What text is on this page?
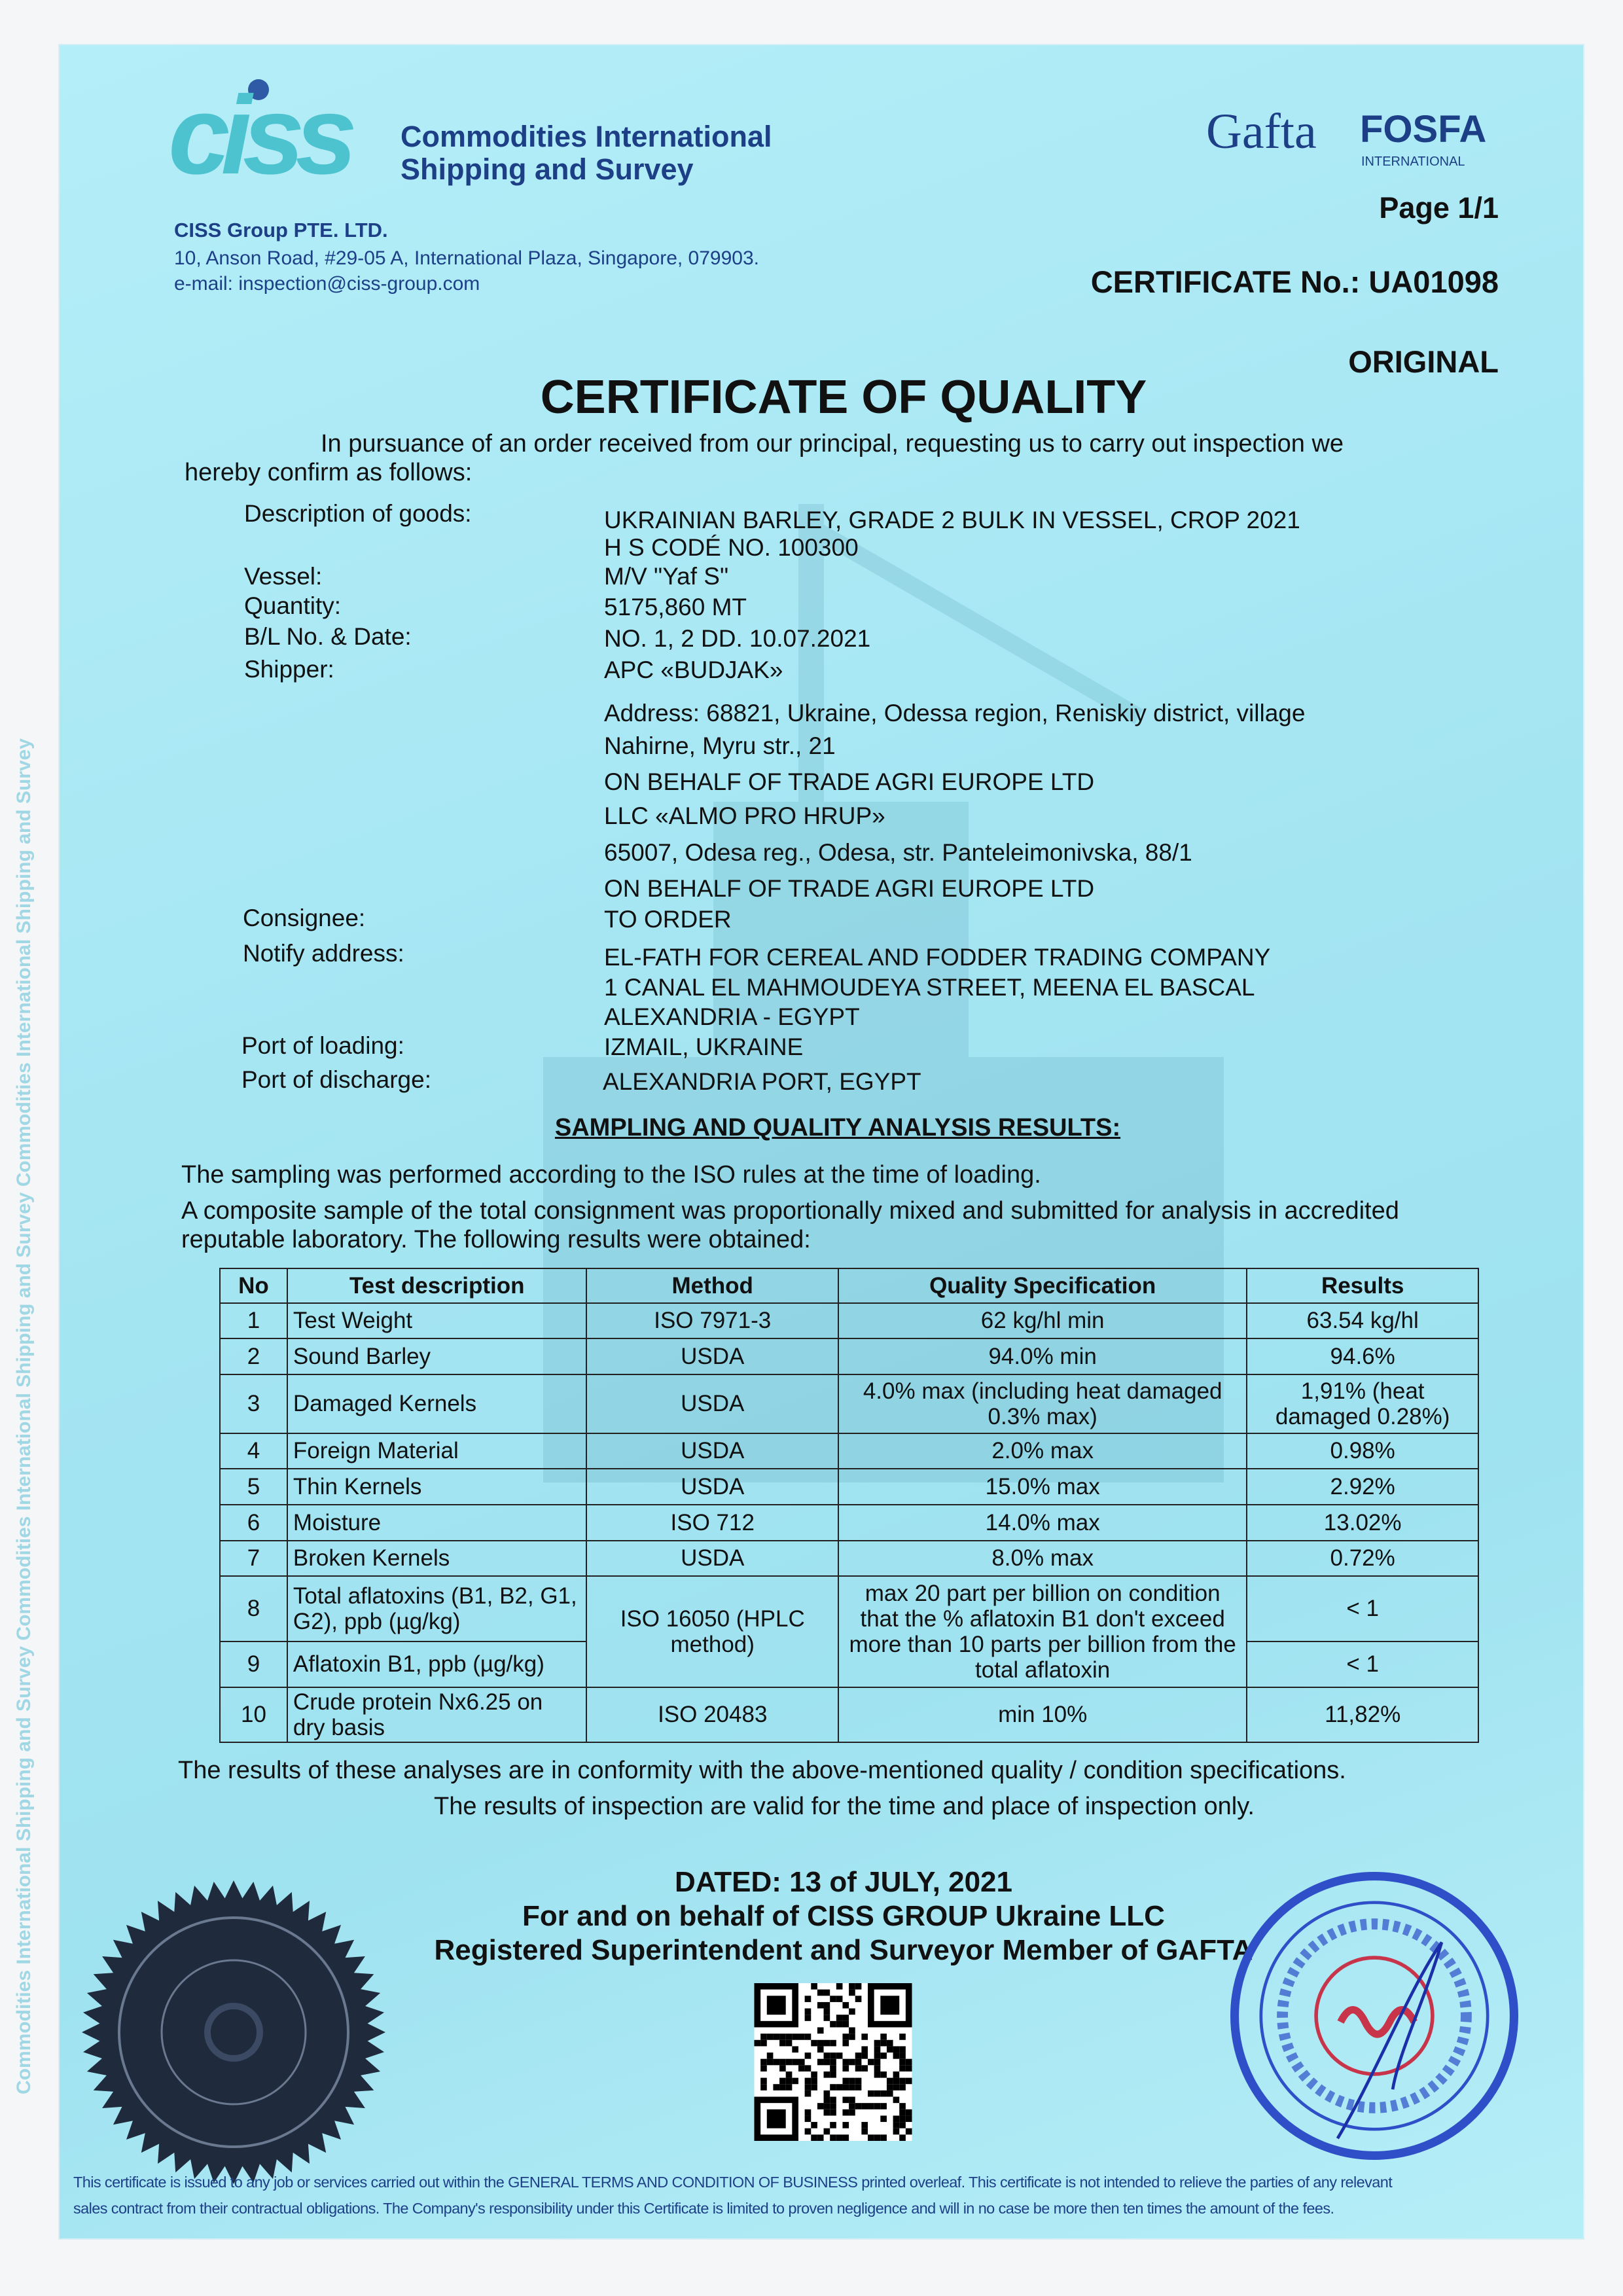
Commodities International Shipping and Survey Commodities International Shipping and Survey Commodities International Shipping and Survey
ciss Commodities International
Shipping and Survey
CISS Group PTE. LTD.
10, Anson Road, #29-05 A, International Plaza, Singapore, 079903.
e-mail: inspection@ciss-group.com
Gafta FOSFA
INTERNATIONAL
Page 1/1
CERTIFICATE No.: UA01098
ORIGINAL
CERTIFICATE OF QUALITY
In pursuance of an order received from our principal, requesting us to carry out inspection we
hereby confirm as follows:
Description of goods:	UKRAINIAN BARLEY, GRADE 2 BULK IN VESSEL, CROP 2021
H S CODÉ NO. 100300
Vessel:	M/V "Yaf S"
Quantity:	5175,860 MT
B/L No. & Date:	NO. 1, 2 DD. 10.07.2021
Shipper:	APC «BUDJAK»
Address: 68821, Ukraine, Odessa region, Reniskiy district, village
Nahirne, Myru str., 21
ON BEHALF OF TRADE AGRI EUROPE LTD
LLC «ALMO PRO HRUP»
65007, Odesa reg., Odesa, str. Panteleimonivska, 88/1
ON BEHALF OF TRADE AGRI EUROPE LTD
Consignee:	TO ORDER
Notify address:	EL-FATH FOR CEREAL AND FODDER TRADING COMPANY
1 CANAL EL MAHMOUDEYA STREET, MEENA EL BASCAL
ALEXANDRIA - EGYPT
Port of loading:	IZMAIL, UKRAINE
Port of discharge:	ALEXANDRIA PORT, EGYPT
SAMPLING AND QUALITY ANALYSIS RESULTS:
The sampling was performed according to the ISO rules at the time of loading.
A composite sample of the total consignment was proportionally mixed and submitted for analysis in accredited
reputable laboratory. The following results were obtained:
No	Test description	Method	Quality Specification	Results
1	Test Weight	ISO 7971-3	62 kg/hl min	63.54 kg/hl
2	Sound Barley	USDA	94.0% min	94.6%
3	Damaged Kernels	USDA	4.0% max (including heat damaged 0.3% max)	1,91% (heat damaged 0.28%)
4	Foreign Material	USDA	2.0% max	0.98%
5	Thin Kernels	USDA	15.0% max	2.92%
6	Moisture	ISO 712	14.0% max	13.02%
7	Broken Kernels	USDA	8.0% max	0.72%
8	Total aflatoxins (B1, B2, G1, G2), ppb (µg/kg)	ISO 16050 (HPLC method)	max 20 part per billion on condition that the % aflatoxin B1 don't exceed more than 10 parts per billion from the total aflatoxin	< 1
9	Aflatoxin B1, ppb (µg/kg)			< 1
10	Crude protein Nx6.25 on dry basis	ISO 20483	min 10%	11,82%
The results of these analyses are in conformity with the above-mentioned quality / condition specifications.
The results of inspection are valid for the time and place of inspection only.
DATED: 13 of JULY, 2021
For and on behalf of CISS GROUP Ukraine LLC
Registered Superintendent and Surveyor Member of GAFTA
This certificate is issued to any job or services carried out within the GENERAL TERMS AND CONDITION OF BUSINESS printed overleaf. This certificate is not intended to relieve the parties of any relevant
sales contract from their contractual obligations. The Company's responsibility under this Certificate is limited to proven negligence and will in no case be more then ten times the amount of the fees.
